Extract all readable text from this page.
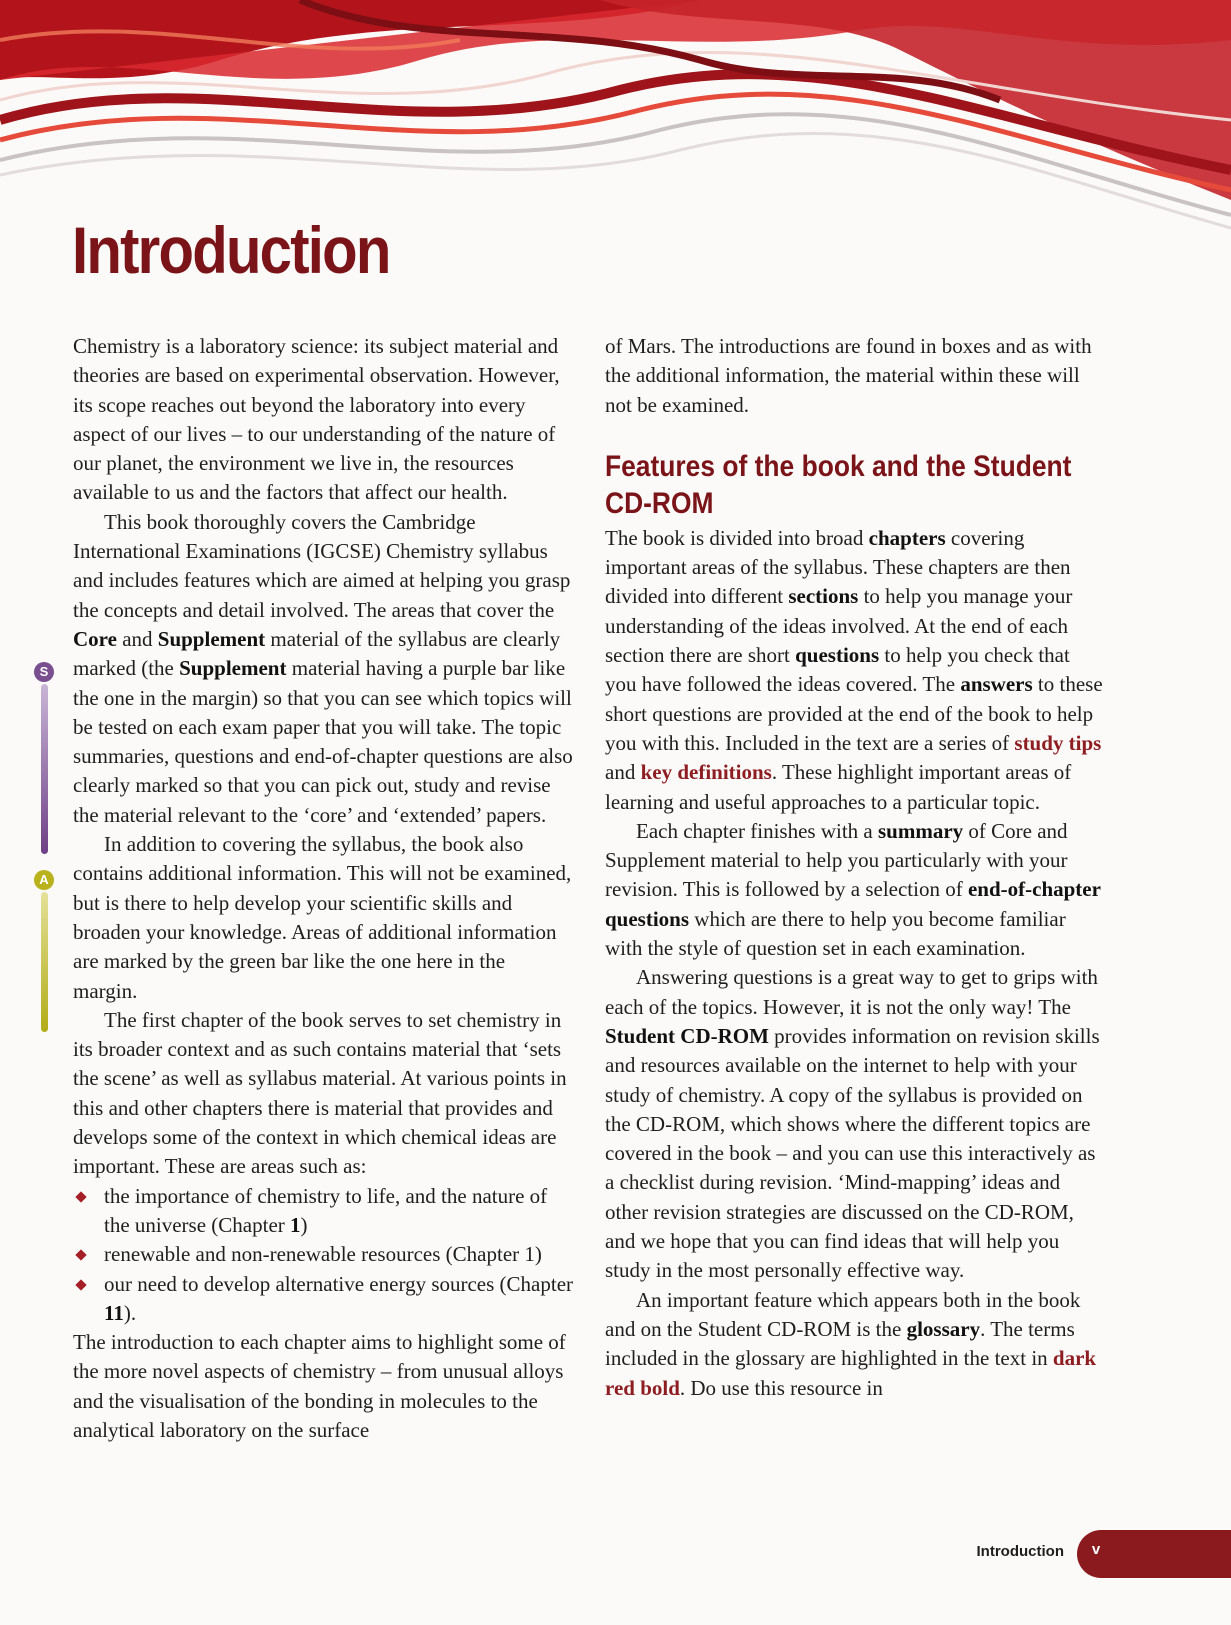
Introduction
S
A

Chemistry is a laboratory science: its subject material and theories are based on experimental observation. However, its scope reaches out beyond the laboratory into every aspect of our lives – to our understanding of the nature of our planet, the environment we live in, the resources available to us and the factors that affect our health.

This book thoroughly covers the Cambridge International Examinations (IGCSE) Chemistry syllabus and includes features which are aimed at helping you grasp the concepts and detail involved. The areas that cover the Core and Supplement material of the syllabus are clearly marked (the Supplement material having a purple bar like the one in the margin) so that you can see which topics will be tested on each exam paper that you will take. The topic summaries, questions and end-of-chapter questions are also clearly marked so that you can pick out, study and revise the material relevant to the ‘core’ and ‘extended’ papers.

In addition to covering the syllabus, the book also contains additional information. This will not be examined, but is there to help develop your scientific skills and broaden your knowledge. Areas of additional information are marked by the green bar like the one here in the margin.

The first chapter of the book serves to set chemistry in its broader context and as such contains material that ‘sets the scene’ as well as syllabus material. At various points in this and other chapters there is material that provides and develops some of the context in which chemical ideas are important. These are areas such as:

the importance of chemistry to life, and the nature of the universe (Chapter 1)
renewable and non-renewable resources (Chapter 1)
our need to develop alternative energy sources (Chapter 11).

The introduction to each chapter aims to highlight some of the more novel aspects of chemistry – from unusual alloys and the visualisation of the bonding in molecules to the analytical laboratory on the surface

of Mars. The introductions are found in boxes and as with the additional information, the material within these will not be examined.

Features of the book and the Student CD-ROM

The book is divided into broad chapters covering important areas of the syllabus. These chapters are then divided into different sections to help you manage your understanding of the ideas involved. At the end of each section there are short questions to help you check that you have followed the ideas covered. The answers to these short questions are provided at the end of the book to help you with this. Included in the text are a series of study tips and key definitions. These highlight important areas of learning and useful approaches to a particular topic.

Each chapter finishes with a summary of Core and Supplement material to help you particularly with your revision. This is followed by a selection of end-of-chapter questions which are there to help you become familiar with the style of question set in each examination.

Answering questions is a great way to get to grips with each of the topics. However, it is not the only way! The Student CD-ROM provides information on revision skills and resources available on the internet to help with your study of chemistry. A copy of the syllabus is provided on the CD-ROM, which shows where the different topics are covered in the book – and you can use this interactively as a checklist during revision. ‘Mind-mapping’ ideas and other revision strategies are discussed on the CD-ROM, and we hope that you can find ideas that will help you study in the most personally effective way.

An important feature which appears both in the book and on the Student CD-ROM is the glossary. The terms included in the glossary are highlighted in the text in dark red bold. Do use this resource in

Introduction	v
